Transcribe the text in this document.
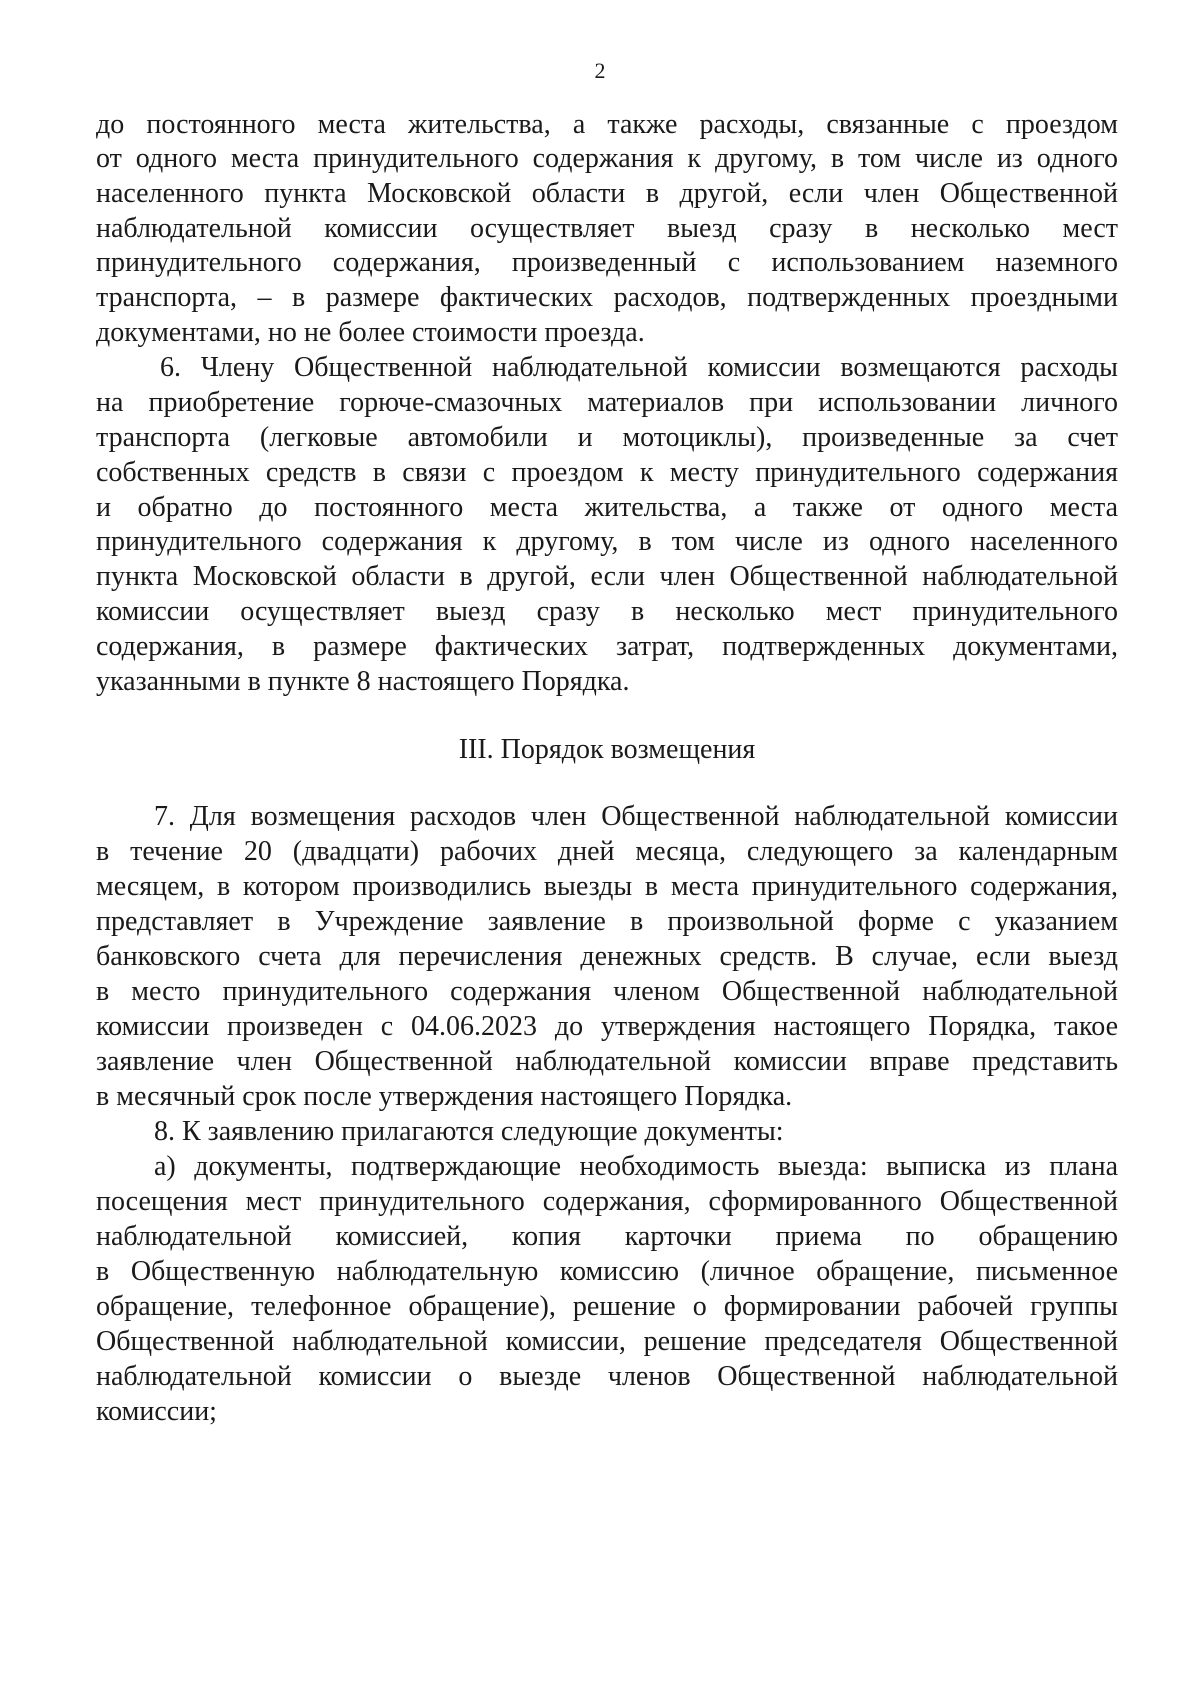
2
до постоянного места жительства, а также расходы, связанные с проездом
от одного места принудительного содержания к другому, в том числе из одного
населенного пункта Московской области в другой, если член Общественной
наблюдательной комиссии осуществляет выезд сразу в несколько мест
принудительного содержания, произведенный с использованием наземного
транспорта, – в размере фактических расходов, подтвержденных проездными
документами, но не более стоимости проезда.
6. Члену Общественной наблюдательной комиссии возмещаются расходы
на приобретение горюче-смазочных материалов при использовании личного
транспорта (легковые автомобили и мотоциклы), произведенные за счет
собственных средств в связи с проездом к месту принудительного содержания
и обратно до постоянного места жительства, а также от одного места
принудительного содержания к другому, в том числе из одного населенного
пункта Московской области в другой, если член Общественной наблюдательной
комиссии осуществляет выезд сразу в несколько мест принудительного
содержания, в размере фактических затрат, подтвержденных документами,
указанными в пункте 8 настоящего Порядка.
III. Порядок возмещения
7. Для возмещения расходов член Общественной наблюдательной комиссии
в течение 20 (двадцати) рабочих дней месяца, следующего за календарным
месяцем, в котором производились выезды в места принудительного содержания,
представляет в Учреждение заявление в произвольной форме с указанием
банковского счета для перечисления денежных средств. В случае, если выезд
в место принудительного содержания членом Общественной наблюдательной
комиссии произведен с 04.06.2023 до утверждения настоящего Порядка, такое
заявление член Общественной наблюдательной комиссии вправе представить
в месячный срок после утверждения настоящего Порядка.
8. К заявлению прилагаются следующие документы:
а) документы, подтверждающие необходимость выезда: выписка из плана
посещения мест принудительного содержания, сформированного Общественной
наблюдательной комиссией, копия карточки приема по обращению
в Общественную наблюдательную комиссию (личное обращение, письменное
обращение, телефонное обращение), решение о формировании рабочей группы
Общественной наблюдательной комиссии, решение председателя Общественной
наблюдательной комиссии о выезде членов Общественной наблюдательной
комиссии;
